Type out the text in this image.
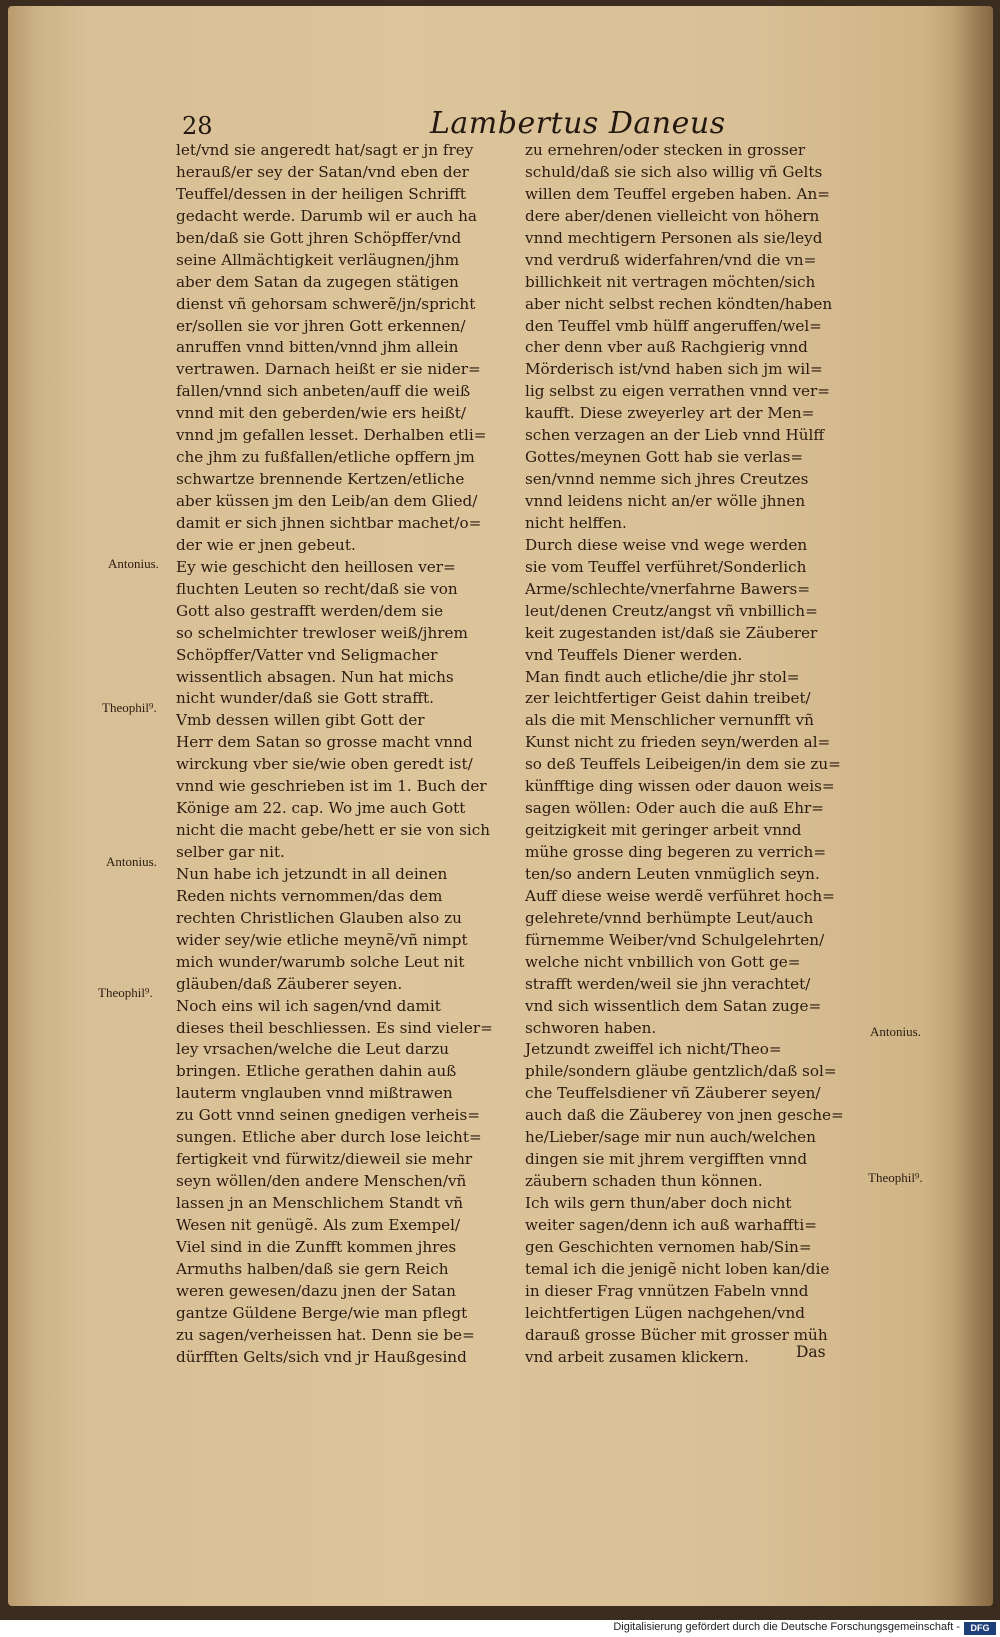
28	Lambertus Daneus
let/vnd sie angeredt hat/sagt er jn frey
herauß/er sey der Satan/vnd eben der
Teuffel/dessen in der heiligen Schrifft
gedacht werde. Darumb wil er auch ha
ben/daß sie Gott jhren Schöpffer/vnd
seine Allmächtigkeit verläugnen/jhm
aber dem Satan da zugegen stätigen
dienst vñ gehorsam schwerẽ/jn/spricht
er/sollen sie vor jhren Gott erkennen/
anruffen vnnd bitten/vnnd jhm allein
vertrawen. Darnach heißt er sie nider=
fallen/vnnd sich anbeten/auff die weiß
vnnd mit den geberden/wie ers heißt/
vnnd jm gefallen lesset. Derhalben etli=
che jhm zu fußfallen/etliche opffern jm
schwartze brennende Kertzen/etliche
aber küssen jm den Leib/an dem Glied/
damit er sich jhnen sichtbar machet/o=
der wie er jnen gebeut.
Ey wie geschicht den heillosen ver=
fluchten Leuten so recht/daß sie von
Gott also gestrafft werden/dem sie
so schelmichter trewloser weiß/jhrem
Schöpffer/Vatter vnd Seligmacher
wissentlich absagen. Nun hat michs
nicht wunder/daß sie Gott strafft.
Vmb dessen willen gibt Gott der
Herr dem Satan so grosse macht vnnd
wirckung vber sie/wie oben geredt ist/
vnnd wie geschrieben ist im 1. Buch der
Könige am 22. cap. Wo jme auch Gott
nicht die macht gebe/hett er sie von sich
selber gar nit.
Nun habe ich jetzundt in all deinen
Reden nichts vernommen/das dem
rechten Christlichen Glauben also zu
wider sey/wie etliche meynẽ/vñ nimpt
mich wunder/warumb solche Leut nit
gläuben/daß Zäuberer seyen.
Noch eins wil ich sagen/vnd damit
dieses theil beschliessen. Es sind vieler=
ley vrsachen/welche die Leut darzu
bringen. Etliche gerathen dahin auß
lauterm vnglauben vnnd mißtrawen
zu Gott vnnd seinen gnedigen verheis=
sungen. Etliche aber durch lose leicht=
fertigkeit vnd fürwitz/dieweil sie mehr
seyn wöllen/den andere Menschen/vñ
lassen jn an Menschlichem Standt vñ
Wesen nit genügẽ. Als zum Exempel/
Viel sind in die Zunfft kommen jhres
Armuths halben/daß sie gern Reich
weren gewesen/dazu jnen der Satan
gantze Güldene Berge/wie man pflegt
zu sagen/verheissen hat. Denn sie be=
dürfften Gelts/sich vnd jr Haußgesind
zu ernehren/oder stecken in grosser
schuld/daß sie sich also willig vñ Gelts
willen dem Teuffel ergeben haben. An=
dere aber/denen vielleicht von höhern
vnnd mechtigern Personen als sie/leyd
vnd verdruß widerfahren/vnd die vn=
billichkeit nit vertragen möchten/sich
aber nicht selbst rechen köndten/haben
den Teuffel vmb hülff angeruffen/wel=
cher denn vber auß Rachgierig vnnd
Mörderisch ist/vnd haben sich jm wil=
lig selbst zu eigen verrathen vnnd ver=
kaufft. Diese zweyerley art der Men=
schen verzagen an der Lieb vnnd Hülff
Gottes/meynen Gott hab sie verlas=
sen/vnnd nemme sich jhres Creutzes
vnnd leidens nicht an/er wölle jhnen
nicht helffen.
Durch diese weise vnd wege werden
sie vom Teuffel verführet/Sonderlich
Arme/schlechte/vnerfahrne Bawers=
leut/denen Creutz/angst vñ vnbillich=
keit zugestanden ist/daß sie Zäuberer
vnd Teuffels Diener werden.
Man findt auch etliche/die jhr stol=
zer leichtfertiger Geist dahin treibet/
als die mit Menschlicher vernunfft vñ
Kunst nicht zu frieden seyn/werden al=
so deß Teuffels Leibeigen/in dem sie zu=
künfftige ding wissen oder dauon weis=
sagen wöllen: Oder auch die auß Ehr=
geitzigkeit mit geringer arbeit vnnd
mühe grosse ding begeren zu verrich=
ten/so andern Leuten vnmüglich seyn.
Auff diese weise werdẽ verführet hoch=
gelehrete/vnnd berhümpte Leut/auch
fürnemme Weiber/vnd Schulgelehrten/
welche nicht vnbillich von Gott ge=
strafft werden/weil sie jhn verachtet/
vnd sich wissentlich dem Satan zuge=
schworen haben.
Jetzundt zweiffel ich nicht/Theo=
phile/sondern gläube gentzlich/daß sol=
che Teuffelsdiener vñ Zäuberer seyen/
auch daß die Zäuberey von jnen gesche=
he/Lieber/sage mir nun auch/welchen
dingen sie mit jhrem vergifften vnnd
zäubern schaden thun können.
Ich wils gern thun/aber doch nicht
weiter sagen/denn ich auß warhaffti=
gen Geschichten vernomen hab/Sin=
temal ich die jenigẽ nicht loben kan/die
in dieser Frag vnnützen Fabeln vnnd
leichtfertigen Lügen nachgehen/vnd
darauß grosse Bücher mit grosser müh
vnd arbeit zusamen klickern.
Antonius.
Theophil⁹.
Antonius.
Theophil⁹.
Antonius.
Theophil⁹.
Das
Digitalisierung gefördert durch die Deutsche Forschungsgemeinschaft -	DFG
